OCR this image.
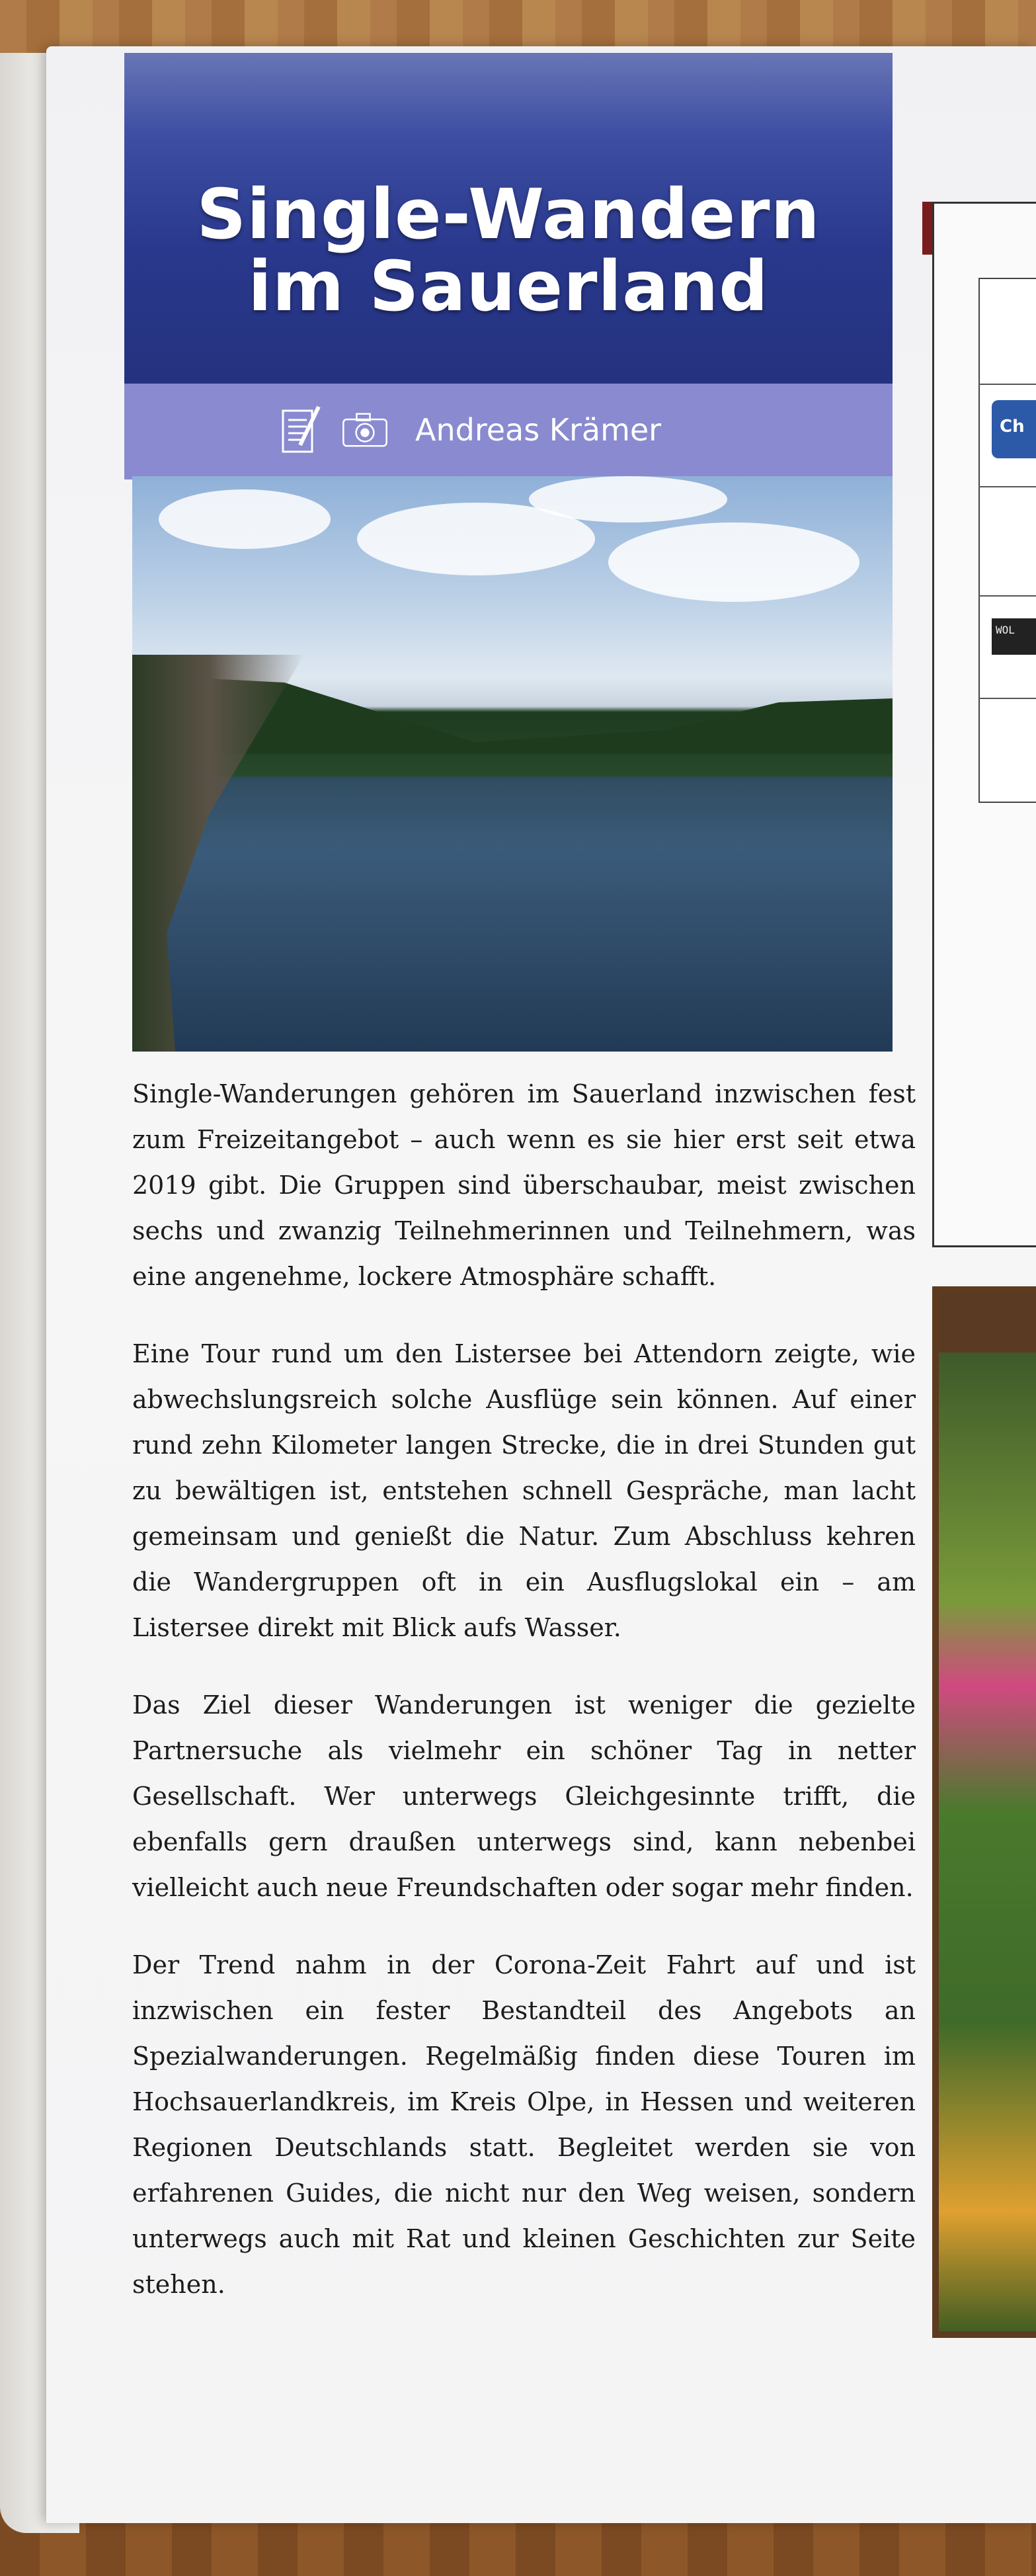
Ch
WOL
Single-Wandern
im Sauerland
Andreas Krämer

Single-Wanderungen gehören im Sauerland inzwischen fest zum Freizeitangebot – auch wenn es sie hier erst seit etwa 2019 gibt. Die Gruppen sind überschaubar, meist zwischen sechs und zwanzig Teilnehmerinnen und Teilnehmern, was eine angenehme, lockere Atmosphäre schafft.

Eine Tour rund um den Listersee bei Attendorn zeigte, wie abwechslungsreich solche Ausflüge sein können. Auf einer rund zehn Kilometer langen Strecke, die in drei Stunden gut zu bewältigen ist, entstehen schnell Gespräche, man lacht gemeinsam und genießt die Natur. Zum Abschluss kehren die Wandergruppen oft in ein Ausflugslokal ein – am Listersee direkt mit Blick aufs Wasser.

Das Ziel dieser Wanderungen ist weniger die gezielte Partnersuche als vielmehr ein schöner Tag in netter Gesellschaft. Wer unterwegs Gleichgesinnte trifft, die ebenfalls gern draußen unterwegs sind, kann nebenbei vielleicht auch neue Freundschaften oder sogar mehr finden.

Der Trend nahm in der Corona-Zeit Fahrt auf und ist inzwischen ein fester Bestandteil des Angebots an Spezialwanderungen. Regelmäßig finden diese Touren im Hochsauerlandkreis, im Kreis Olpe, in Hessen und weiteren Regionen Deutschlands statt. Begleitet werden sie von erfahrenen Guides, die nicht nur den Weg weisen, sondern unterwegs auch mit Rat und kleinen Geschichten zur Seite stehen.
